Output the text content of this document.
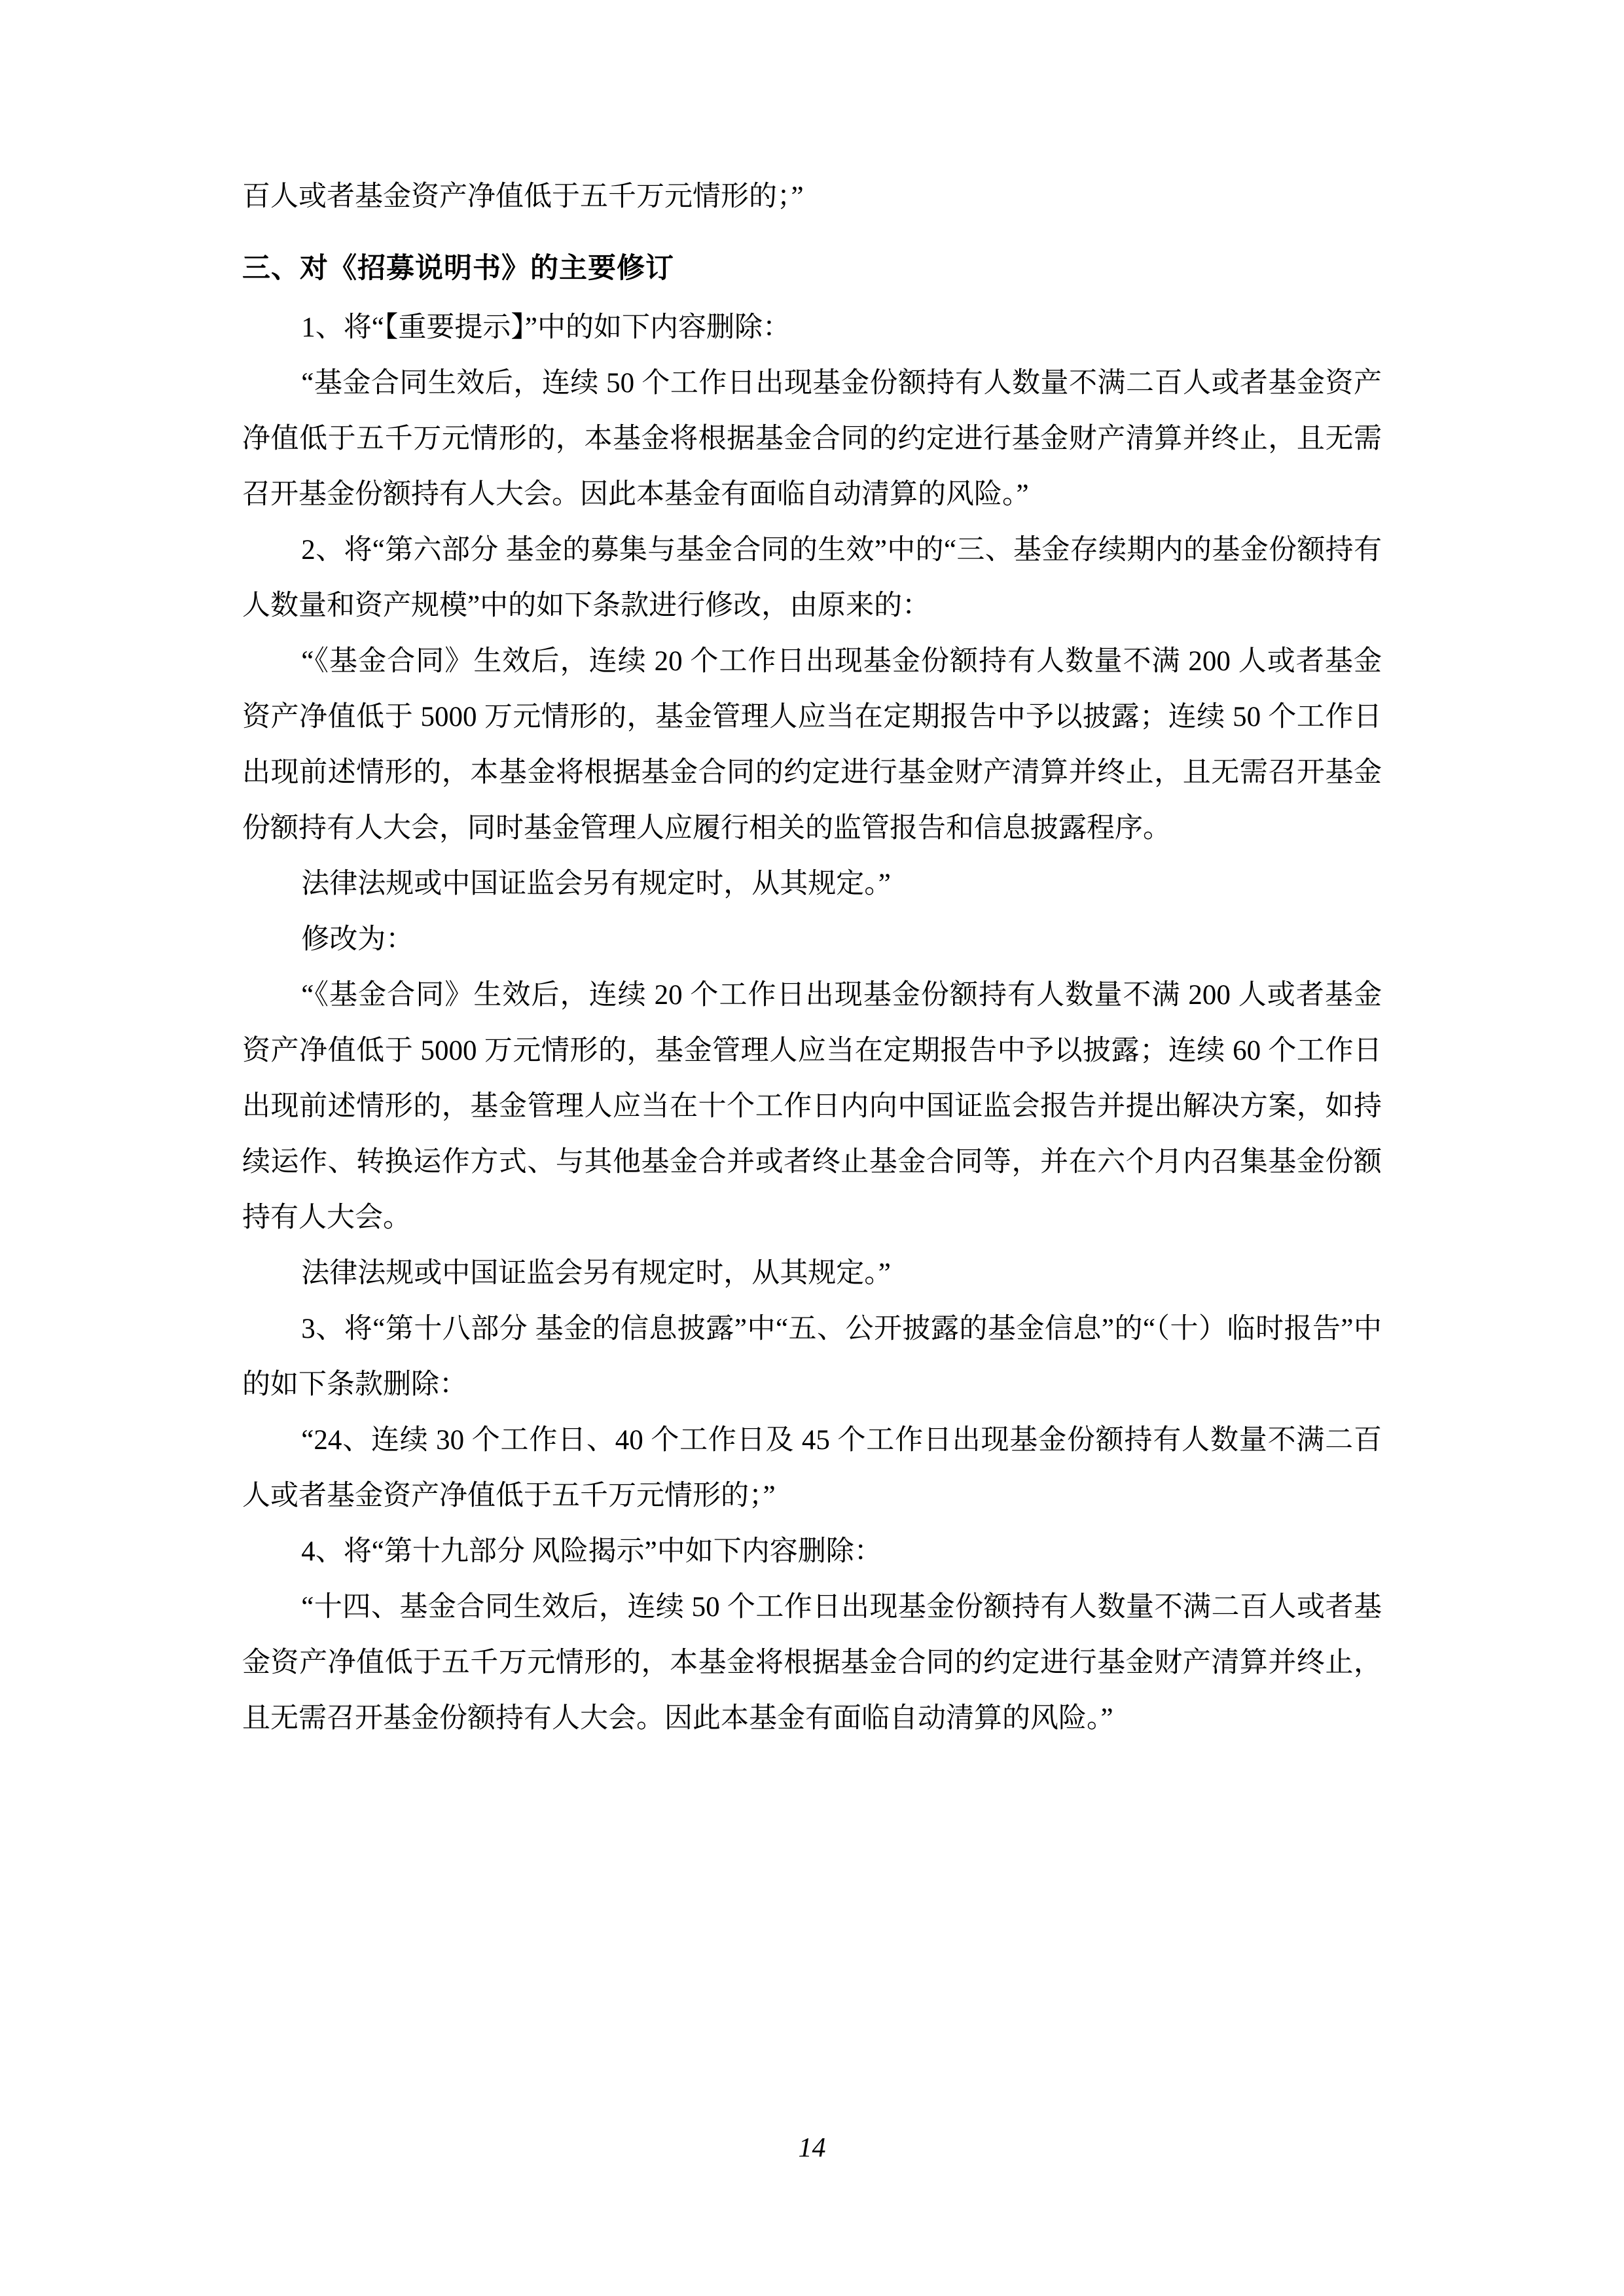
百人或者基金资产净值低于五千万元情形的；”

三、对《招募说明书》的主要修订

1、将“【重要提示】”中的如下内容删除：

“基金合同生效后，连续 50 个工作日出现基金份额持有人数量不满二百人或者基金资产净值低于五千万元情形的，本基金将根据基金合同的约定进行基金财产清算并终止，且无需召开基金份额持有人大会。因此本基金有面临自动清算的风险。”

2、将“第六部分 基金的募集与基金合同的生效”中的“三、基金存续期内的基金份额持有人数量和资产规模”中的如下条款进行修改，由原来的：

“《基金合同》生效后，连续 20 个工作日出现基金份额持有人数量不满 200 人或者基金资产净值低于 5000 万元情形的，基金管理人应当在定期报告中予以披露；连续 50 个工作日出现前述情形的，本基金将根据基金合同的约定进行基金财产清算并终止，且无需召开基金份额持有人大会，同时基金管理人应履行相关的监管报告和信息披露程序。

法律法规或中国证监会另有规定时，从其规定。”

修改为：

“《基金合同》生效后，连续 20 个工作日出现基金份额持有人数量不满 200 人或者基金资产净值低于 5000 万元情形的，基金管理人应当在定期报告中予以披露；连续 60 个工作日出现前述情形的，基金管理人应当在十个工作日内向中国证监会报告并提出解决方案，如持续运作、转换运作方式、与其他基金合并或者终止基金合同等，并在六个月内召集基金份额持有人大会。

法律法规或中国证监会另有规定时，从其规定。”

3、将“第十八部分 基金的信息披露”中“五、公开披露的基金信息”的“（十）临时报告”中的如下条款删除：

“24、连续 30 个工作日、40 个工作日及 45 个工作日出现基金份额持有人数量不满二百人或者基金资产净值低于五千万元情形的；”

4、将“第十九部分 风险揭示”中如下内容删除：

“十四、基金合同生效后，连续 50 个工作日出现基金份额持有人数量不满二百人或者基金资产净值低于五千万元情形的，本基金将根据基金合同的约定进行基金财产清算并终止，且无需召开基金份额持有人大会。因此本基金有面临自动清算的风险。”

14
